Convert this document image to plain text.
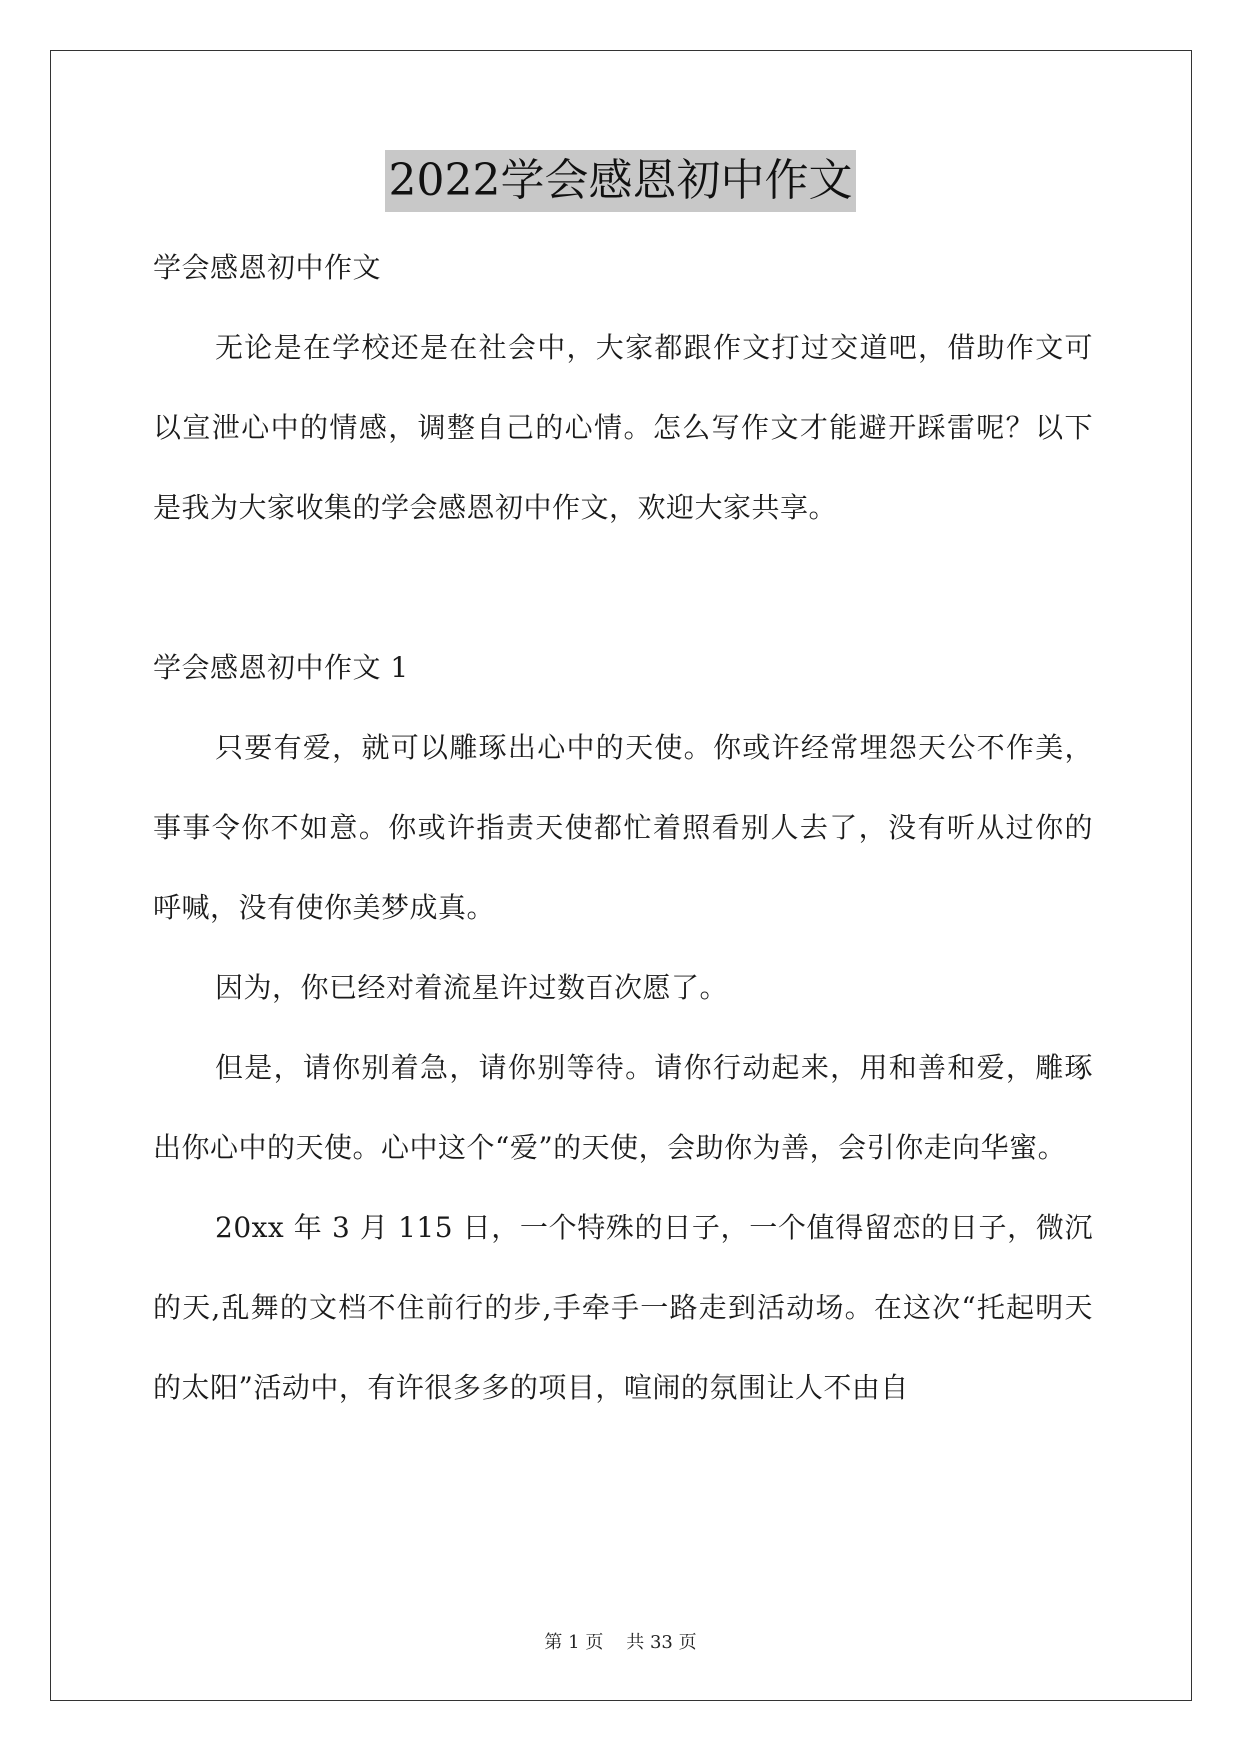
2022学会感恩初中作文

学会感恩初中作文

无论是在学校还是在社会中，大家都跟作文打过交道吧，借助作文可以宣泄心中的情感，调整自己的心情。怎么写作文才能避开踩雷呢？以下是我为大家收集的学会感恩初中作文，欢迎大家共享。

学会感恩初中作文 1

只要有爱，就可以雕琢出心中的天使。你或许经常埋怨天公不作美，事事令你不如意。你或许指责天使都忙着照看别人去了，没有听从过你的呼喊，没有使你美梦成真。

因为，你已经对着流星许过数百次愿了。

但是，请你别着急，请你别等待。请你行动起来，用和善和爱，雕琢出你心中的天使。心中这个“爱”的天使，会助你为善，会引你走向华蜜。

20xx 年 3 月 115 日，一个特殊的日子，一个值得留恋的日子，微沉的天,乱舞的文档不住前行的步,手牵手一路走到活动场。在这次“托起明天的太阳”活动中，有许很多多的项目，喧闹的氛围让人不由自

第 1 页 共 33 页
